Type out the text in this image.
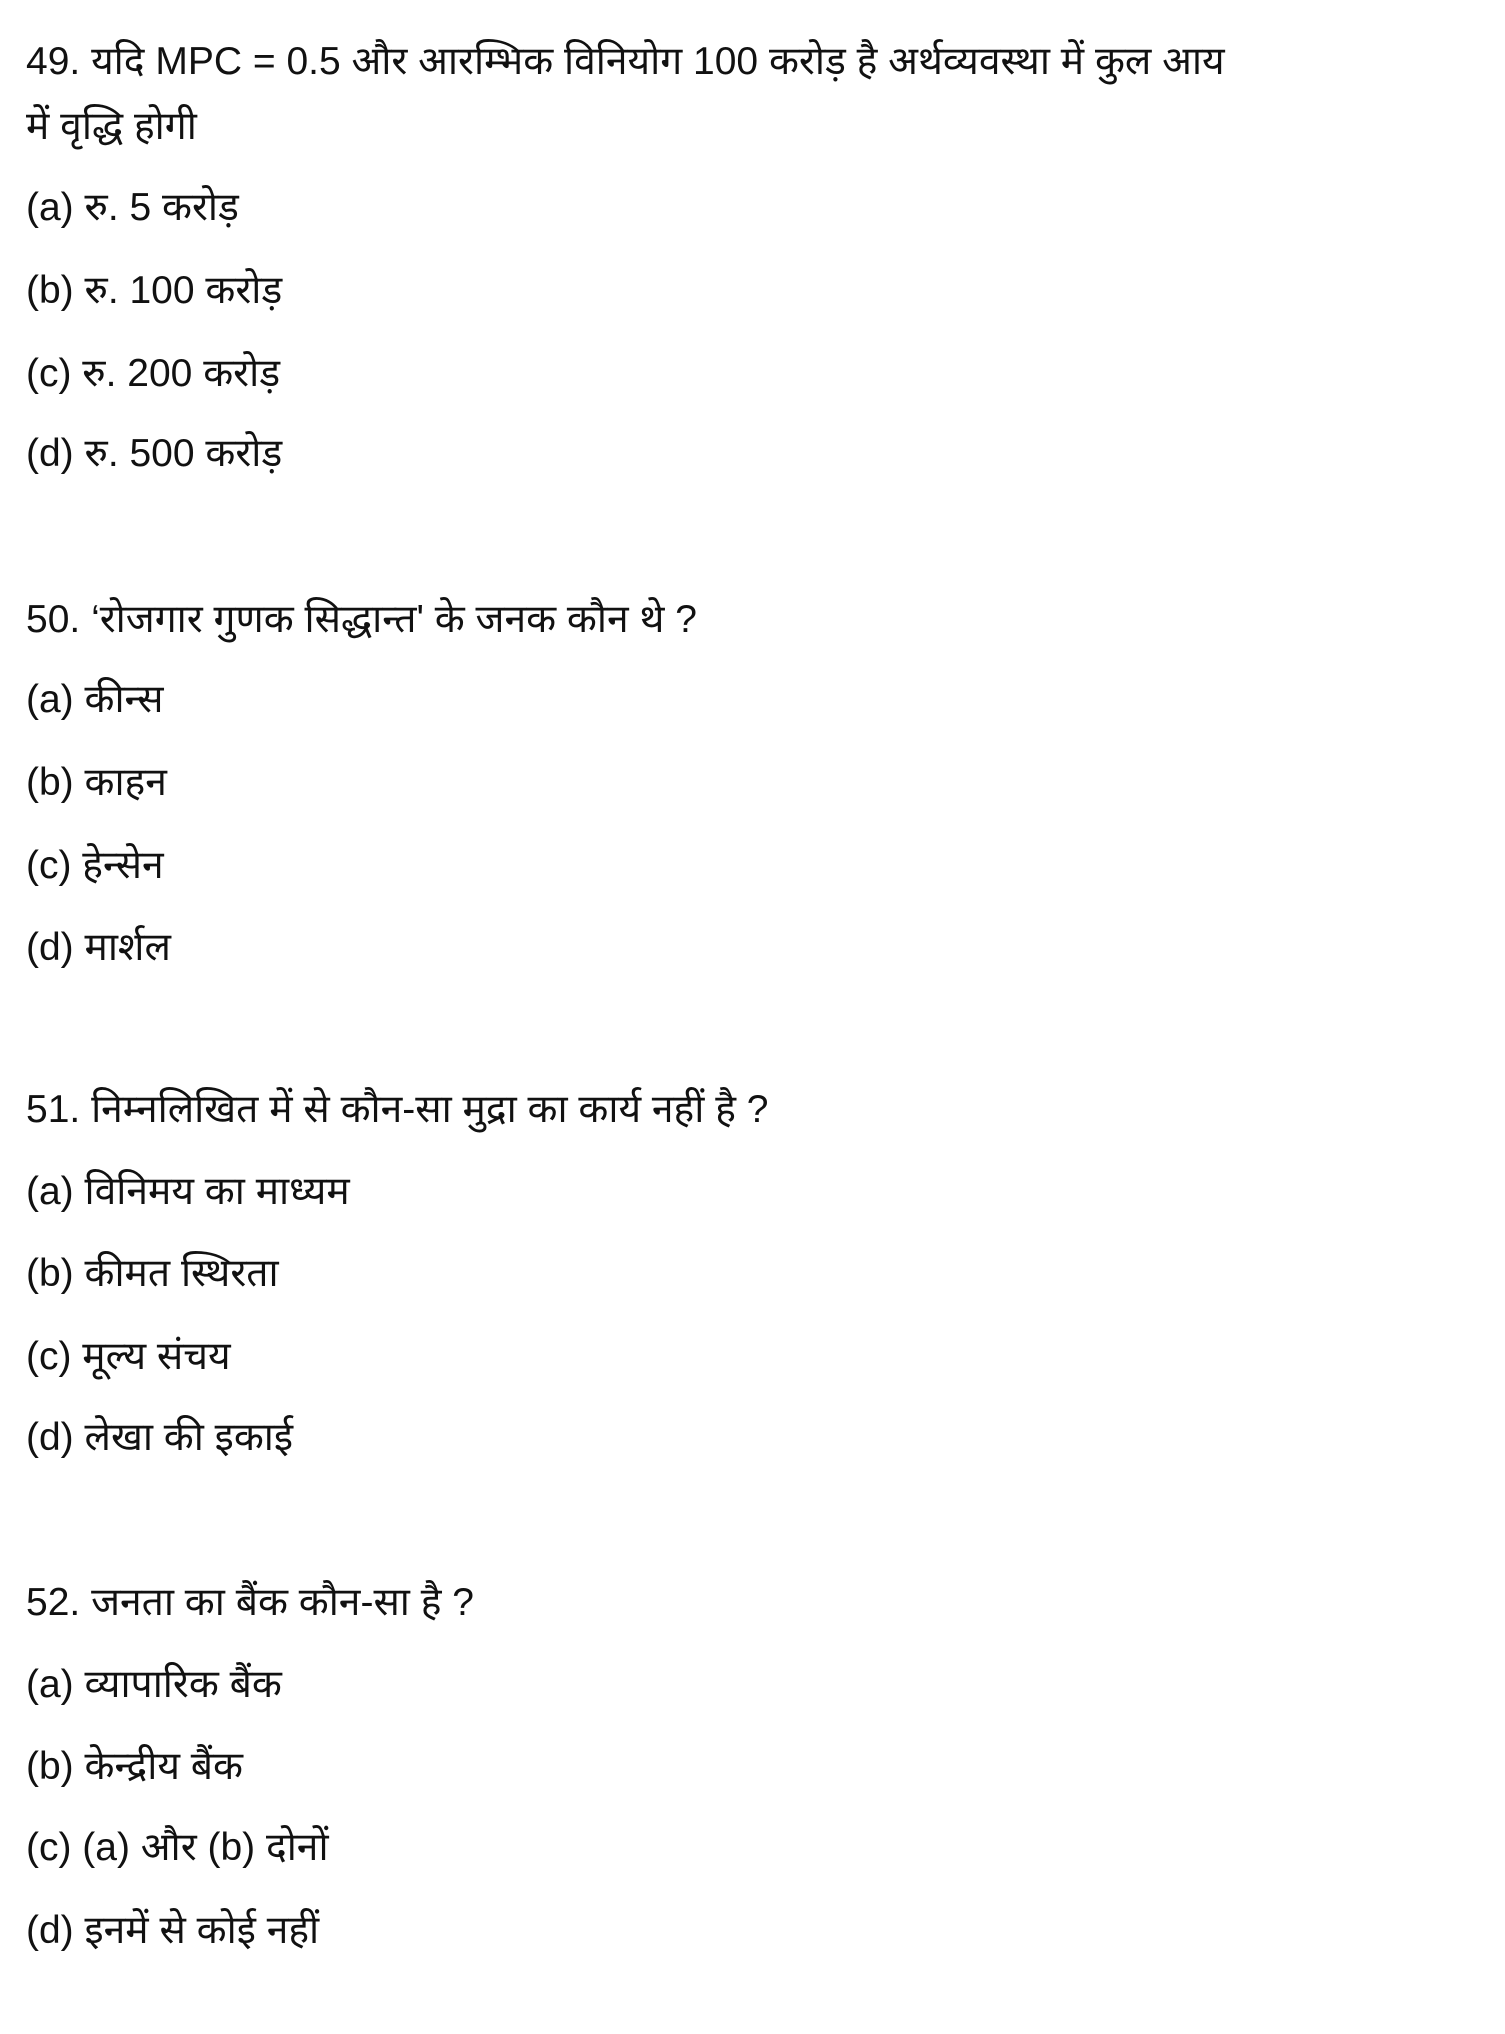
49. यदि MPC = 0.5 और आरम्भिक विनियोग 100 करोड़ है अर्थव्यवस्था में कुल आय
में वृद्धि होगी
(a) रु. 5 करोड़
(b) रु. 100 करोड़
(c) रु. 200 करोड़
(d) रु. 500 करोड़
50. ‘रोजगार गुणक सिद्धान्त' के जनक कौन थे ?
(a) कीन्स
(b) काहन
(c) हेन्सेन
(d) मार्शल
51. निम्नलिखित में से कौन-सा मुद्रा का कार्य नहीं है ?
(a) विनिमय का माध्यम
(b) कीमत स्थिरता
(c) मूल्य संचय
(d) लेखा की इकाई
52. जनता का बैंक कौन-सा है ?
(a) व्यापारिक बैंक
(b) केन्द्रीय बैंक
(c) (a) और (b) दोनों
(d) इनमें से कोई नहीं
